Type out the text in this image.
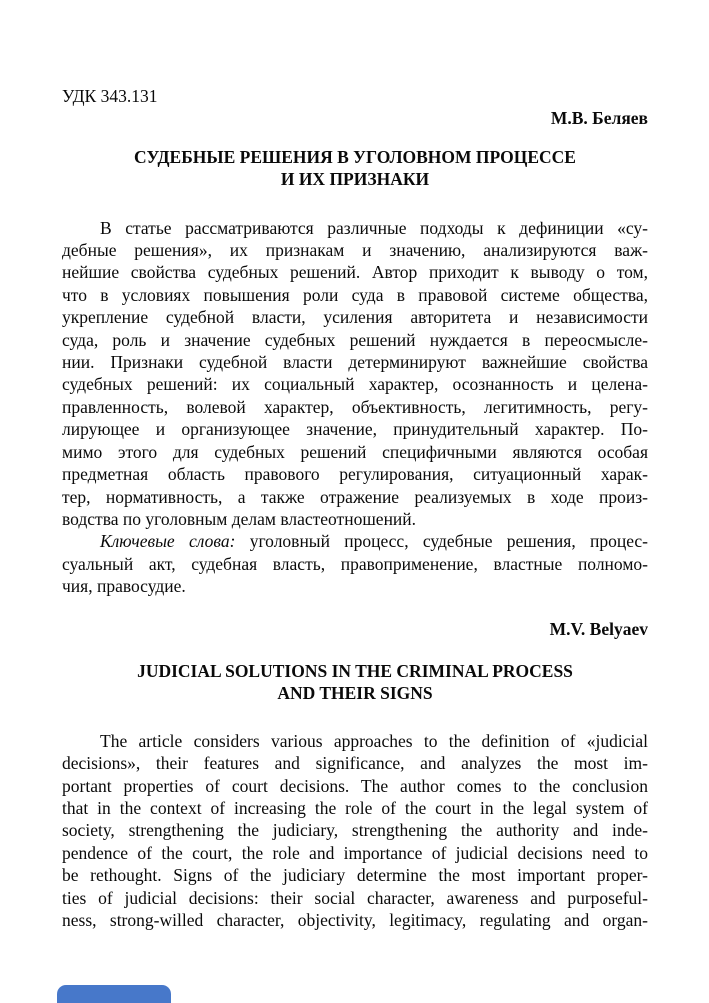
УДК 343.131
М.В. Беляев
СУДЕБНЫЕ РЕШЕНИЯ В УГОЛОВНОМ ПРОЦЕССЕ
И ИХ ПРИЗНАКИ
В статье рассматриваются различные подходы к дефиниции «су-
дебные решения», их признакам и значению, анализируются важ-
нейшие свойства судебных решений. Автор приходит к выводу о том,
что в условиях повышения роли суда в правовой системе общества,
укрепление судебной власти, усиления авторитета и независимости
суда, роль и значение судебных решений нуждается в переосмысле-
нии. Признаки судебной власти детерминируют важнейшие свойства
судебных решений: их социальный характер, осознанность и целена-
правленность, волевой характер, объективность, легитимность, регу-
лирующее и организующее значение, принудительный характер. По-
мимо этого для судебных решений специфичными являются особая
предметная область правового регулирования, ситуационный харак-
тер, нормативность, а также отражение реализуемых в ходе произ-
водства по уголовным делам властеотношений.
Ключевые слова: уголовный процесс, судебные решения, процес-
суальный акт, судебная власть, правоприменение, властные полномо-
чия, правосудие.
M.V. Belyaev
JUDICIAL SOLUTIONS IN THE CRIMINAL PROCESS
AND THEIR SIGNS
The article considers various approaches to the definition of «judicial
decisions», their features and significance, and analyzes the most im-
portant properties of court decisions. The author comes to the conclusion
that in the context of increasing the role of the court in the legal system of
society, strengthening the judiciary, strengthening the authority and inde-
pendence of the court, the role and importance of judicial decisions need to
be rethought. Signs of the judiciary determine the most important proper-
ties of judicial decisions: their social character, awareness and purposeful-
ness, strong-willed character, objectivity, legitimacy, regulating and organ-
